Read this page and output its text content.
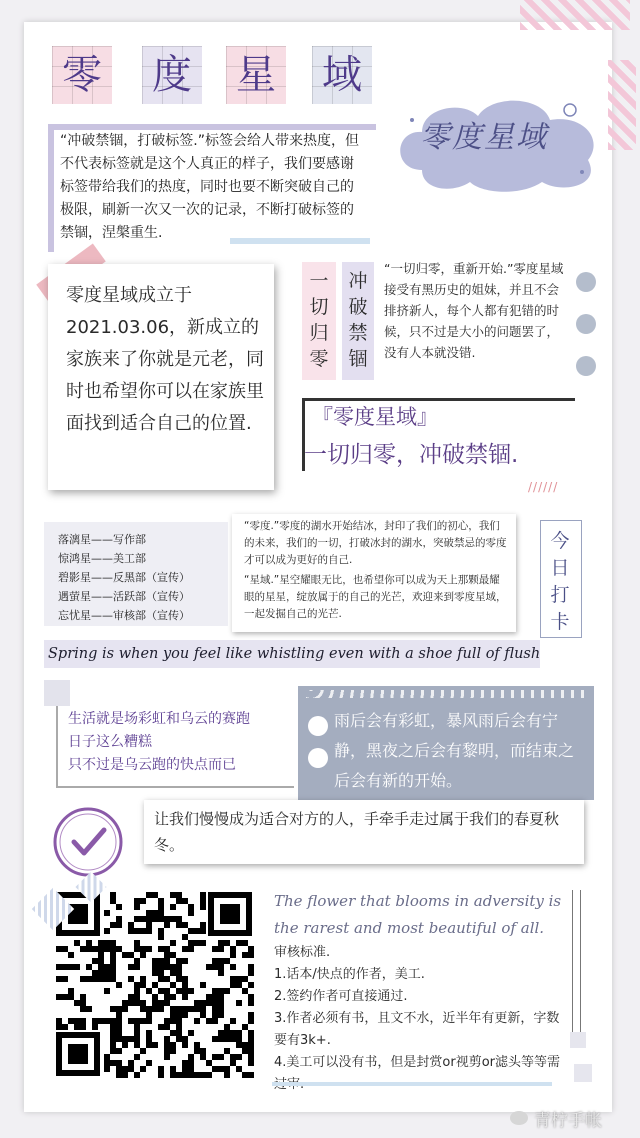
零 度 星 域
“冲破禁锢，打破标签.”标签会给人带来热度，但不代表标签就是这个人真正的样子，我们要感谢标签带给我们的热度，同时也要不断突破自己的极限，刷新一次又一次的记录，不断打破标签的禁锢，涅槃重生.
零度星域
零度星域成立于2021.03.06，新成立的家族来了你就是元老，同时也希望你可以在家族里面找到适合自己的位置.
一
切
归
零
冲
破
禁
锢
“一切归零，重新开始.”零度星域接受有黑历史的姐妹，并且不会排挤新人，每个人都有犯错的时候，只不过是大小的问题罢了，没有人本就没错.
『零度星域』
一切归零，冲破禁锢.
//////
落漓星——写作部
惊鸿星——美工部
碧影星——反黑部（宣传）
遇萤星——活跃部（宣传）
忘忧星——审核部（宣传）
“零度.”零度的湖水开始结冰，封印了我们的初心，我们的未来，我们的一切，打破冰封的湖水，突破禁忌的零度才可以成为更好的自己.
“星域.”星空耀眼无比，也希望你可以成为天上那颗最耀眼的星星，绽放属于的自己的光芒，欢迎来到零度星域，一起发掘自己的光芒.
今
日
打
卡
Spring is when you feel like whistling even with a shoe full of flush
生活就是场彩虹和乌云的赛跑
日子这么糟糕
只不过是乌云跑的快点而已
雨后会有彩虹，暴风雨后会有宁静，黑夜之后会有黎明，而结束之后会有新的开始。
让我们慢慢成为适合对方的人，手牵手走过属于我们的春夏秋冬。
The flower that blooms in adversity is the rarest and most beautiful of all.
审核标准.
1.话本/快点的作者，美工.
2.签约作者可直接通过.
3.作者必须有书，且文不水，近半年有更新，字数要有3k+.
4.美工可以没有书，但是封赏or视剪or滤头等等需
青柠手帐
